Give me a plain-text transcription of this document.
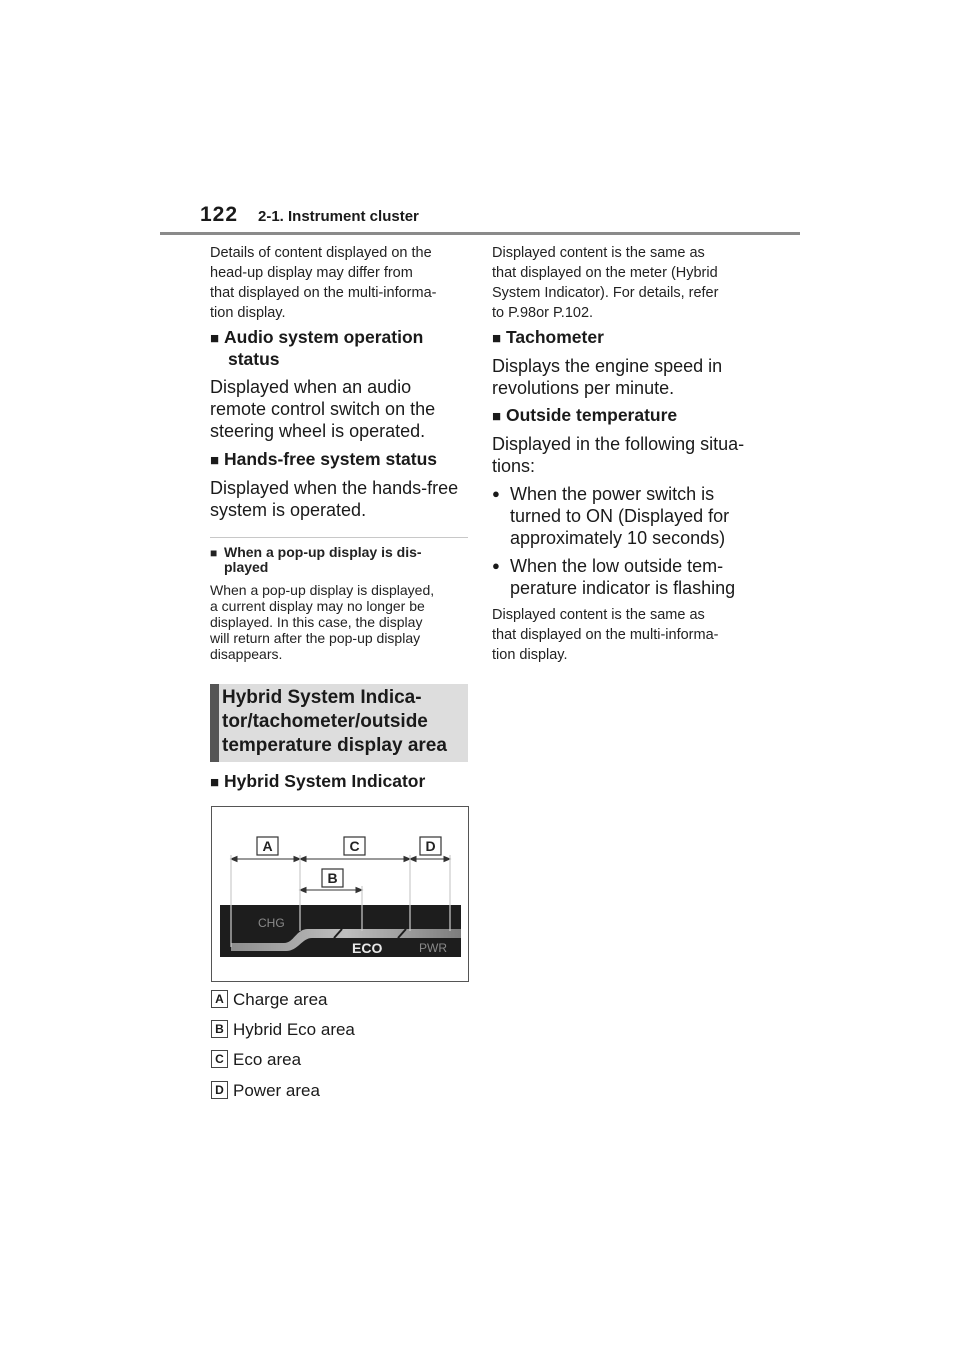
122 2-1. Instrument cluster
Details of content displayed on the
head-up display may differ from
that displayed on the multi-informa-
tion display.
■ Audio system operation
status
Displayed when an audio
remote control switch on the
steering wheel is operated.
■ Hands-free system status
Displayed when the hands-free
system is operated.
■ When a pop-up display is dis-
played
When a pop-up display is displayed,
a current display may no longer be
displayed. In this case, the display
will return after the pop-up display
disappears.
Hybrid System Indica-
tor/tachometer/outside
temperature display area
■ Hybrid System Indicator
A	C	D
B
CHG
ECO	PWR
A Charge area
B Hybrid Eco area
C Eco area
D Power area
Displayed content is the same as
that displayed on the meter (Hybrid
System Indicator). For details, refer
to P.98or P.102.
■ Tachometer
Displays the engine speed in
revolutions per minute.
■ Outside temperature
Displayed in the following situa-
tions:
● When the power switch is
turned to ON (Displayed for
approximately 10 seconds)
● When the low outside tem-
perature indicator is flashing
Displayed content is the same as
that displayed on the multi-informa-
tion display.
